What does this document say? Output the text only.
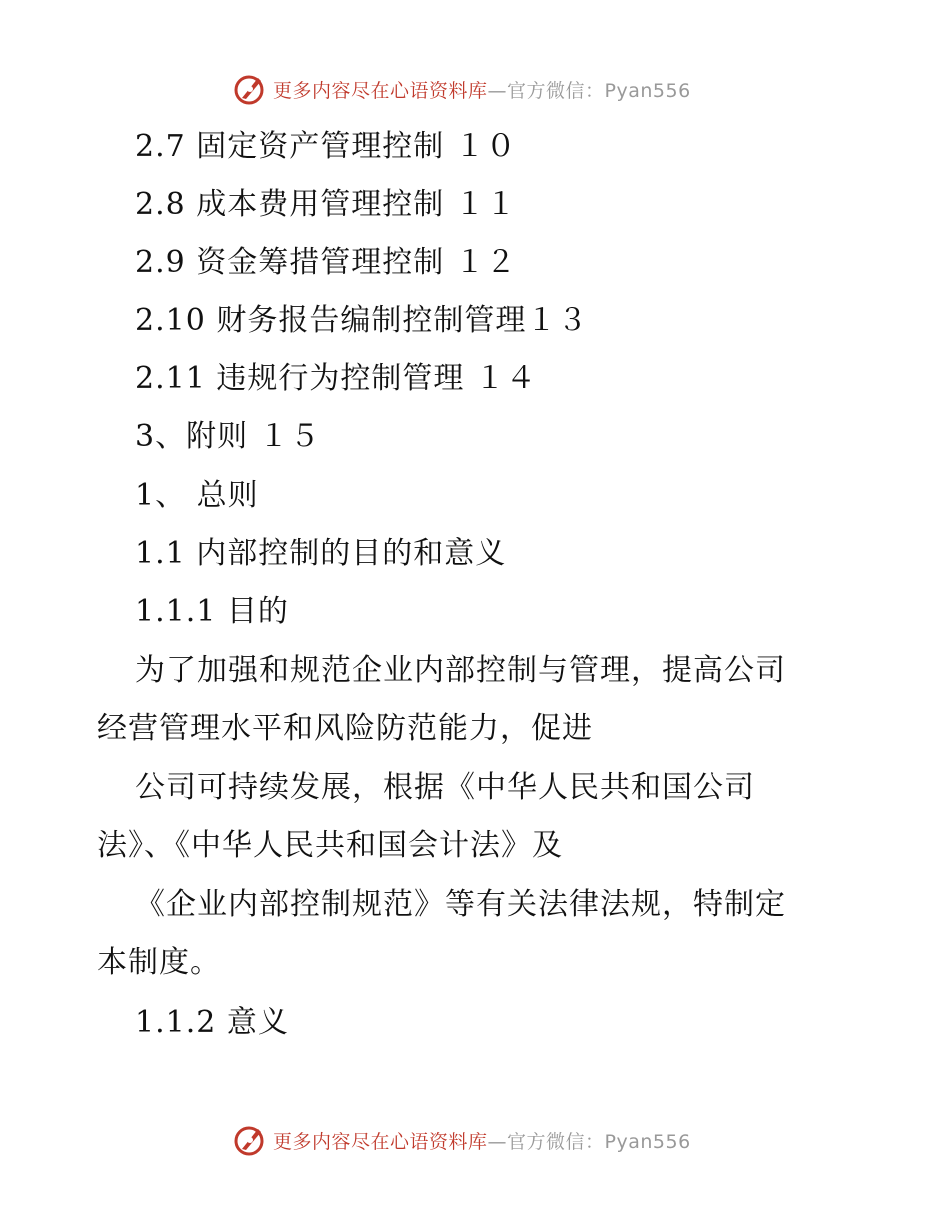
更多内容尽在心语资料库—官方微信：Pyan556
2.7 固定资产管理控制 １０
2.8 成本费用管理控制 １１
2.9 资金筹措管理控制 １２
2.10 财务报告编制控制管理１３
2.11 违规行为控制管理 １４
3、附则 １５
1、 总则
1.1 内部控制的目的和意义
1.1.1 目的
为了加强和规范企业内部控制与管理，提高公司
经营管理水平和风险防范能力，促进
公司可持续发展，根据《中华人民共和国公司
法》、《中华人民共和国会计法》及
《企业内部控制规范》等有关法律法规，特制定
本制度。
1.1.2 意义
更多内容尽在心语资料库—官方微信：Pyan556
